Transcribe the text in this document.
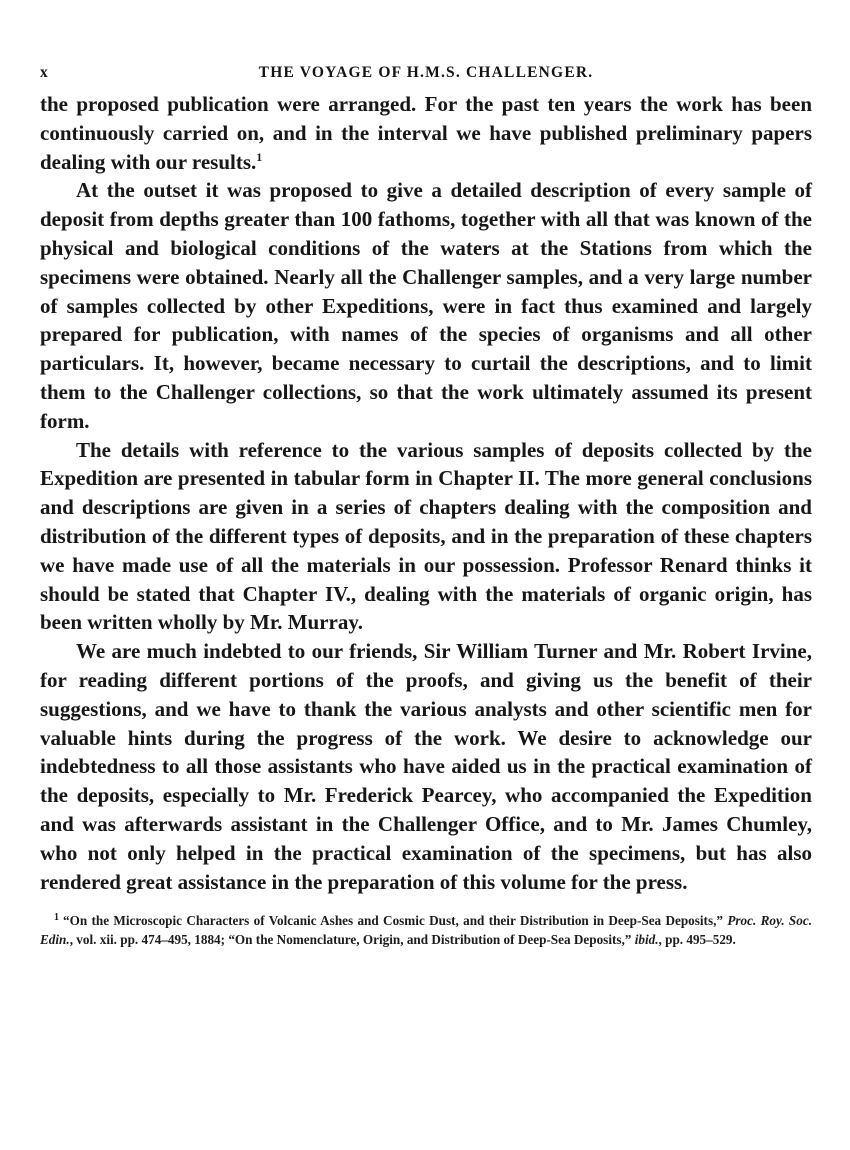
x	THE VOYAGE OF H.M.S. CHALLENGER.

the proposed publication were arranged. For the past ten years the work has been continuously carried on, and in the interval we have published preliminary papers dealing with our results.$^1$

At the outset it was proposed to give a detailed description of every sample of deposit from depths greater than 100 fathoms, together with all that was known of the physical and biological conditions of the waters at the Stations from which the specimens were obtained. Nearly all the Challenger samples, and a very large number of samples collected by other Expeditions, were in fact thus examined and largely prepared for publication, with names of the species of organisms and all other particulars. It, however, became necessary to curtail the descriptions, and to limit them to the Challenger collections, so that the work ultimately assumed its present form.

The details with reference to the various samples of deposits collected by the Expedition are presented in tabular form in Chapter II. The more general conclusions and descriptions are given in a series of chapters dealing with the composition and distribution of the different types of deposits, and in the preparation of these chapters we have made use of all the materials in our possession. Professor Renard thinks it should be stated that Chapter IV., dealing with the materials of organic origin, has been written wholly by Mr. Murray.

We are much indebted to our friends, Sir William Turner and Mr. Robert Irvine, for reading different portions of the proofs, and giving us the benefit of their suggestions, and we have to thank the various analysts and other scientific men for valuable hints during the progress of the work. We desire to acknowledge our indebtedness to all those assistants who have aided us in the practical examination of the deposits, especially to Mr. Frederick Pearcey, who accompanied the Expedition and was afterwards assistant in the Challenger Office, and to Mr. James Chumley, who not only helped in the practical examination of the specimens, but has also rendered great assistance in the preparation of this volume for the press.

$^1$ “On the Microscopic Characters of Volcanic Ashes and Cosmic Dust, and their Distribution in Deep-Sea Deposits,” Proc. Roy. Soc. Edin., vol. xii. pp. 474–495, 1884; “On the Nomenclature, Origin, and Distribution of Deep-Sea Deposits,” ibid., pp. 495–529.
